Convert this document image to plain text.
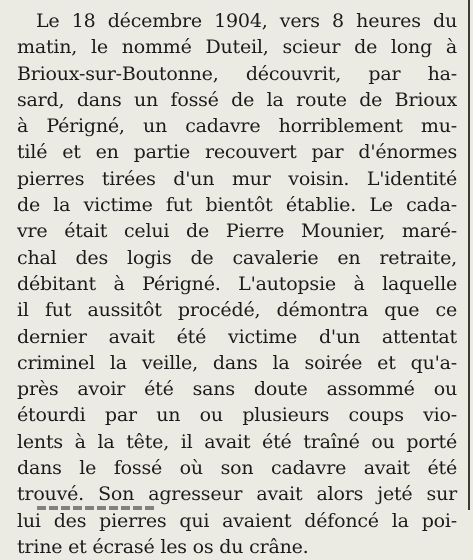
Le 18 décembre 1904, vers 8 heures du
matin, le nommé Duteil, scieur de long à
Brioux-sur-Boutonne, découvrit, par ha-
sard, dans un fossé de la route de Brioux
à Périgné, un cadavre horriblement mu-
tilé et en partie recouvert par d'énormes
pierres tirées d'un mur voisin. L'identité
de la victime fut bientôt établie. Le cada-
vre était celui de Pierre Mounier, maré-
chal des logis de cavalerie en retraite,
débitant à Périgné. L'autopsie à laquelle
il fut aussitôt procédé, démontra que ce
dernier avait été victime d'un attentat
criminel la veille, dans la soirée et qu'a-
près avoir été sans doute assommé ou
étourdi par un ou plusieurs coups vio-
lents à la tête, il avait été traîné ou porté
dans le fossé où son cadavre avait été
trouvé. Son agresseur avait alors jeté sur
lui des pierres qui avaient défoncé la poi-
trine et écrasé les os du crâne.
